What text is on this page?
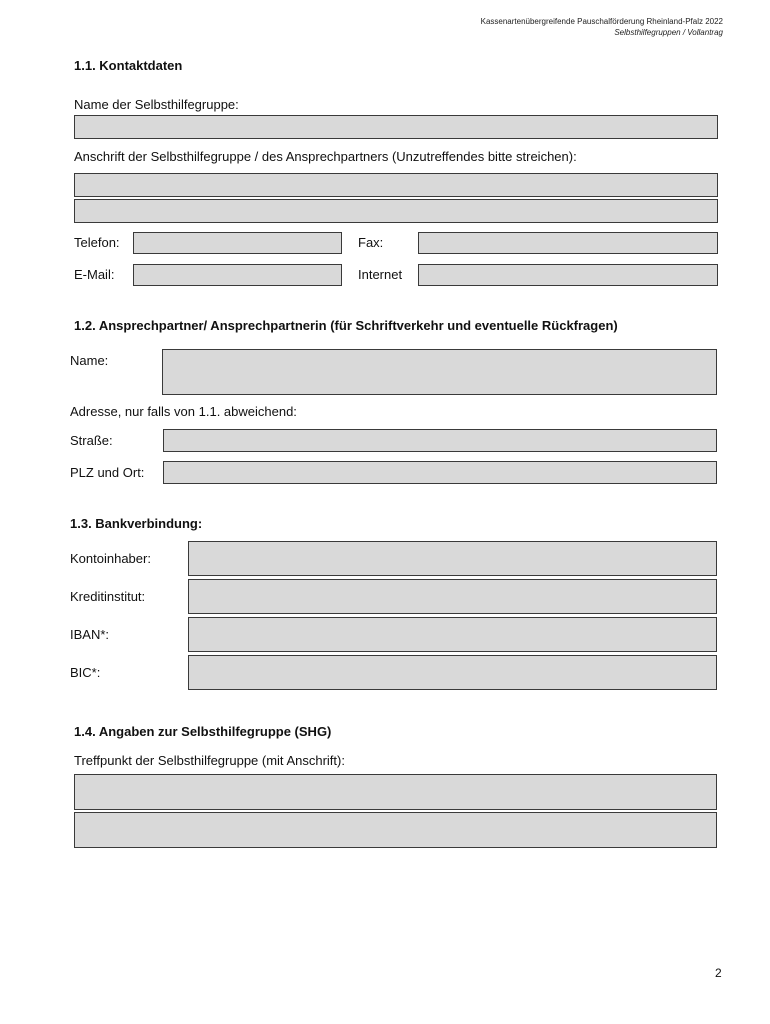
Kassenartenübergreifende Pauschalförderung Rheinland-Pfalz 2022
Selbsthilfegruppen / Vollantrag
1.1. Kontaktdaten
Name der Selbsthilfegruppe:
Anschrift der Selbsthilfegruppe / des Ansprechpartners (Unzutreffendes bitte streichen):
Telefon:	Fax:
E-Mail:	Internet
1.2. Ansprechpartner/ Ansprechpartnerin (für Schriftverkehr und eventuelle Rückfragen)
Name:
Adresse, nur falls von 1.1. abweichend:
Straße:
PLZ und Ort:
1.3. Bankverbindung:
Kontoinhaber:
Kreditinstitut:
IBAN*:
BIC*:
1.4. Angaben zur Selbsthilfegruppe (SHG)
Treffpunkt der Selbsthilfegruppe (mit Anschrift):
2
